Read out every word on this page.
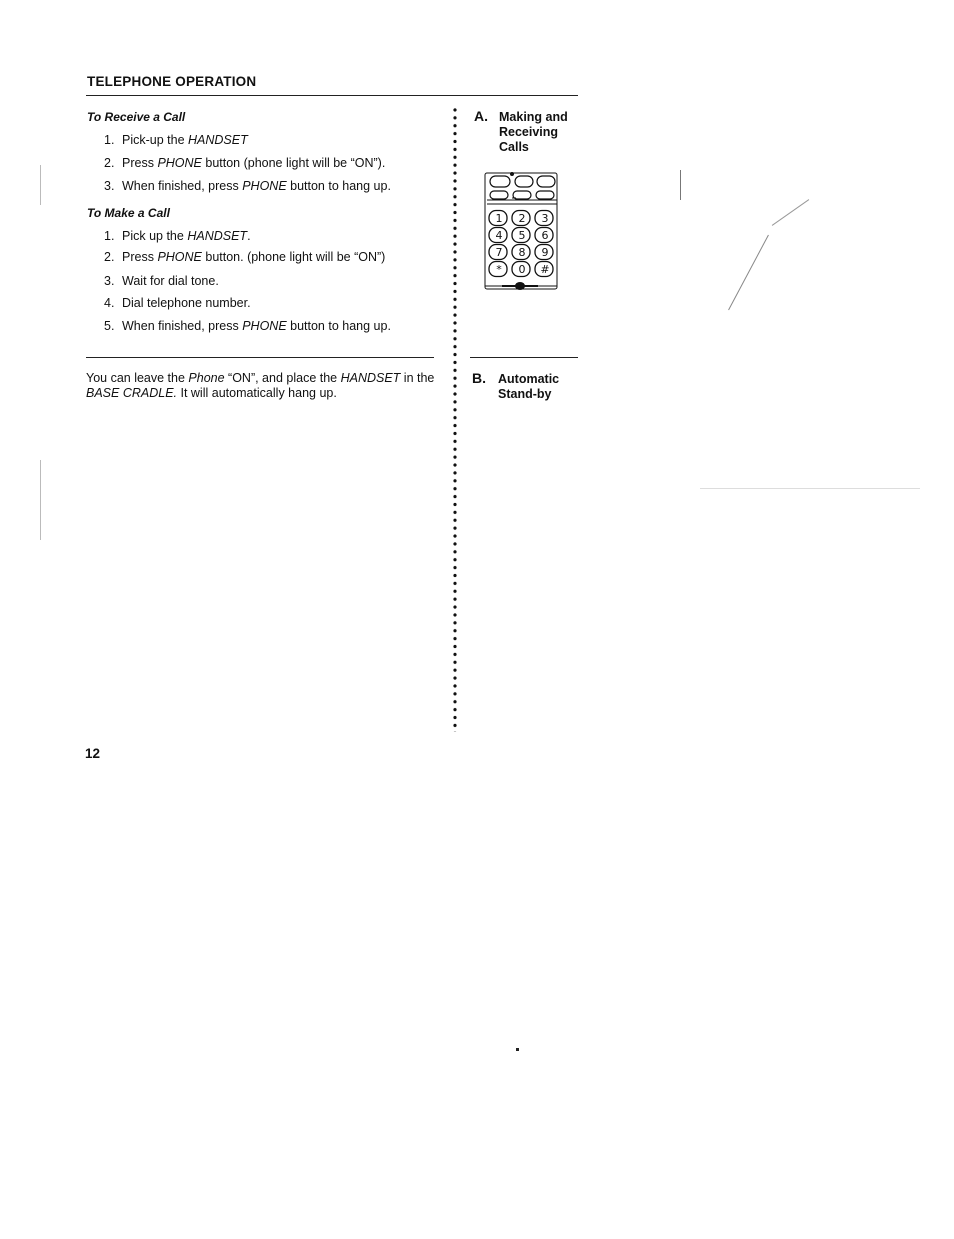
TELEPHONE OPERATION
To Receive a Call
1. Pick-up the HANDSET
2. Press PHONE button (phone light will be “ON”).
3. When finished, press PHONE button to hang up.
To Make a Call
1. Pick up the HANDSET.
2. Press PHONE button. (phone light will be “ON”)
3. Wait for dial tone.
4. Dial telephone number.
5. When finished, press PHONE button to hang up.
You can leave the Phone “ON”, and place the HANDSET in the BASE CRADLE. It will automatically hang up.
A. Making and
Receiving
Calls
B. Automatic
Stand-by
1 2 3
4 5 6
7 8 9
* 0 #
12
